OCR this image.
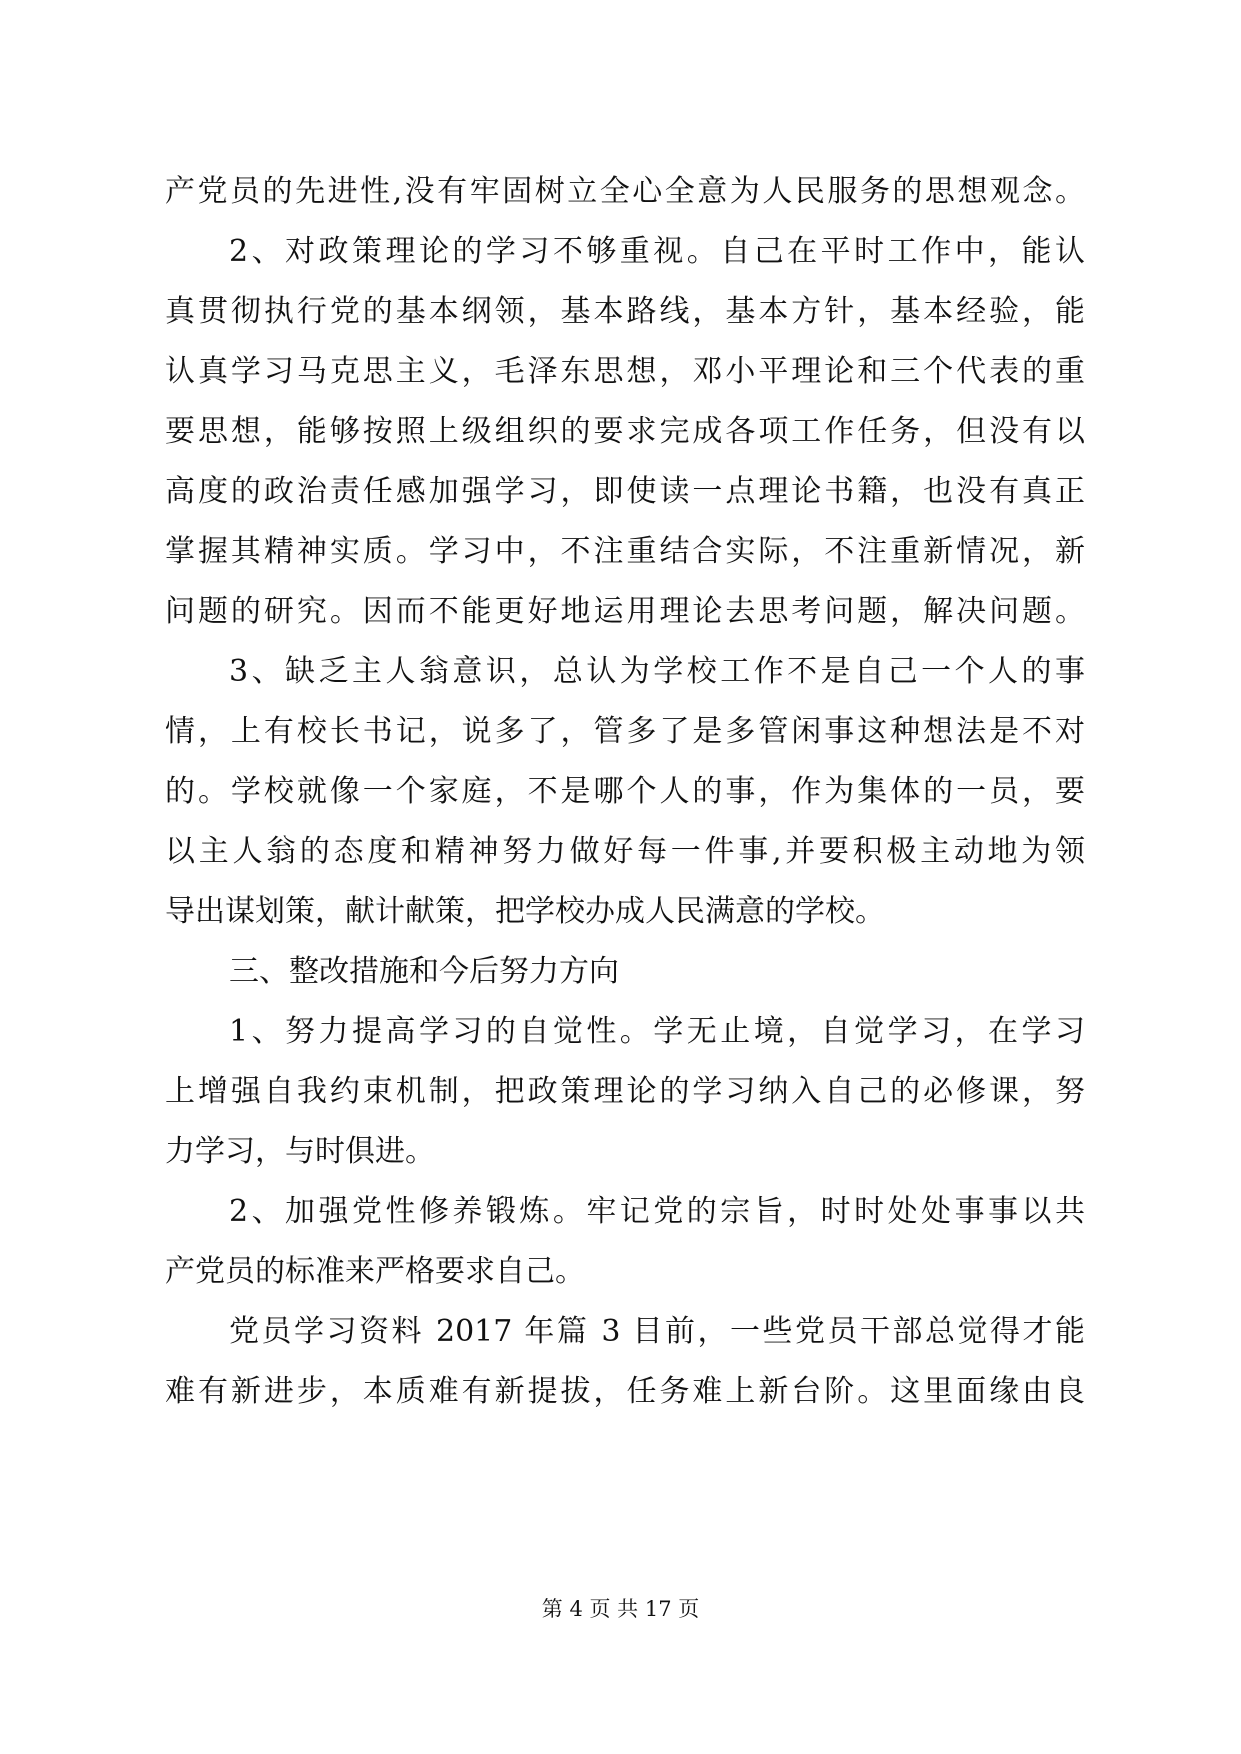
产党员的先进性,没有牢固树立全心全意为人民服务的思想观念。
2、对政策理论的学习不够重视。自己在平时工作中，能认
真贯彻执行党的基本纲领，基本路线，基本方针，基本经验，能
认真学习马克思主义，毛泽东思想，邓小平理论和三个代表的重
要思想，能够按照上级组织的要求完成各项工作任务，但没有以
高度的政治责任感加强学习，即使读一点理论书籍，也没有真正
掌握其精神实质。学习中，不注重结合实际，不注重新情况，新
问题的研究。因而不能更好地运用理论去思考问题，解决问题。
3、缺乏主人翁意识，总认为学校工作不是自己一个人的事
情，上有校长书记，说多了，管多了是多管闲事这种想法是不对
的。学校就像一个家庭，不是哪个人的事，作为集体的一员，要
以主人翁的态度和精神努力做好每一件事,并要积极主动地为领
导出谋划策，献计献策，把学校办成人民满意的学校。
三、整改措施和今后努力方向
1、努力提高学习的自觉性。学无止境，自觉学习，在学习
上增强自我约束机制，把政策理论的学习纳入自己的必修课，努
力学习，与时俱进。
2、加强党性修养锻炼。牢记党的宗旨，时时处处事事以共
产党员的标准来严格要求自己。
党员学习资料 2017 年篇 3 目前，一些党员干部总觉得才能
难有新进步，本质难有新提拔，任务难上新台阶。这里面缘由良
第 4 页 共 17 页
